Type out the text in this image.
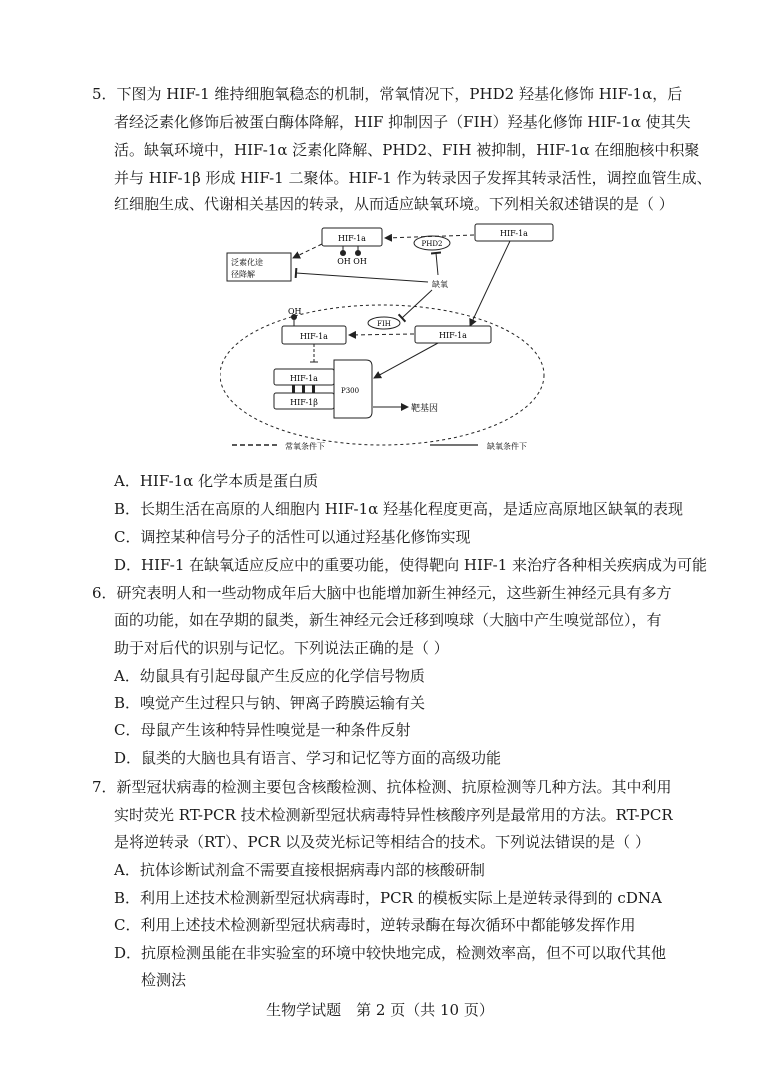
5．下图为 HIF-1 维持细胞氧稳态的机制，常氧情况下，PHD2 羟基化修饰 HIF-1α，后
者经泛素化修饰后被蛋白酶体降解，HIF 抑制因子（FIH）羟基化修饰 HIF-1α 使其失
活。缺氧环境中，HIF-1α 泛素化降解、PHD2、FIH 被抑制，HIF-1α 在细胞核中积聚
并与 HIF-1β 形成 HIF-1 二聚体。HIF-1 作为转录因子发挥其转录活性，调控血管生成、
红细胞生成、代谢相关基因的转录，从而适应缺氧环境。下列相关叙述错误的是（ ）
HIF-1a
OH OH
PHD2
HIF-1a
泛素化途
径降解
缺氧
FIH
HIF-1a
OH
HIF-1a
HIF-1a
HIF-1β
P300
靶基因
常氧条件下	缺氧条件下
A．HIF-1α 化学本质是蛋白质
B．长期生活在高原的人细胞内 HIF-1α 羟基化程度更高，是适应高原地区缺氧的表现
C．调控某种信号分子的活性可以通过羟基化修饰实现
D．HIF-1 在缺氧适应反应中的重要功能，使得靶向 HIF-1 来治疗各种相关疾病成为可能
6．研究表明人和一些动物成年后大脑中也能增加新生神经元，这些新生神经元具有多方
面的功能，如在孕期的鼠类，新生神经元会迁移到嗅球（大脑中产生嗅觉部位），有
助于对后代的识别与记忆。下列说法正确的是（ ）
A．幼鼠具有引起母鼠产生反应的化学信号物质
B．嗅觉产生过程只与钠、钾离子跨膜运输有关
C．母鼠产生该种特异性嗅觉是一种条件反射
D．鼠类的大脑也具有语言、学习和记忆等方面的高级功能
7．新型冠状病毒的检测主要包含核酸检测、抗体检测、抗原检测等几种方法。其中利用
实时荧光 RT-PCR 技术检测新型冠状病毒特异性核酸序列是最常用的方法。RT-PCR
是将逆转录（RT）、PCR 以及荧光标记等相结合的技术。下列说法错误的是（ ）
A．抗体诊断试剂盒不需要直接根据病毒内部的核酸研制
B．利用上述技术检测新型冠状病毒时，PCR 的模板实际上是逆转录得到的 cDNA
C．利用上述技术检测新型冠状病毒时，逆转录酶在每次循环中都能够发挥作用
D．抗原检测虽能在非实验室的环境中较快地完成，检测效率高，但不可以取代其他
检测法
生物学试题　第 2 页（共 10 页）
